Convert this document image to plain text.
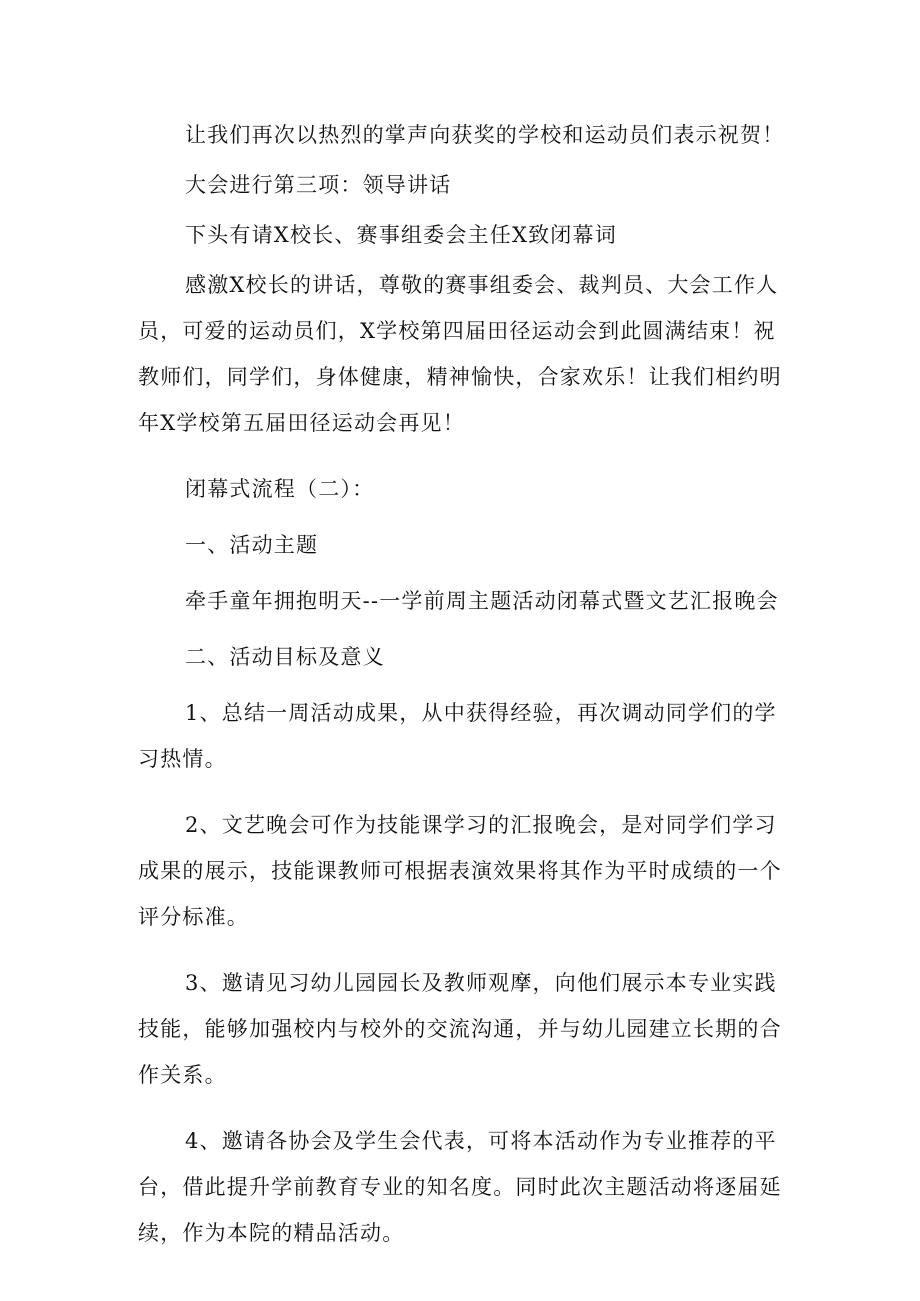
让我们再次以热烈的掌声向获奖的学校和运动员们表示祝贺！

大会进行第三项：领导讲话

下头有请X校长、赛事组委会主任X致闭幕词

感激X校长的讲话，尊敬的赛事组委会、裁判员、大会工作人员，可爱的运动员们，X学校第四届田径运动会到此圆满结束！祝教师们，同学们，身体健康，精神愉快，合家欢乐！让我们相约明年X学校第五届田径运动会再见！

闭幕式流程（二）：

一、活动主题

牵手童年拥抱明天--一学前周主题活动闭幕式暨文艺汇报晚会

二、活动目标及意义

1、总结一周活动成果，从中获得经验，再次调动同学们的学习热情。

2、文艺晚会可作为技能课学习的汇报晚会，是对同学们学习成果的展示，技能课教师可根据表演效果将其作为平时成绩的一个评分标准。

3、邀请见习幼儿园园长及教师观摩，向他们展示本专业实践技能，能够加强校内与校外的交流沟通，并与幼儿园建立长期的合作关系。

4、邀请各协会及学生会代表，可将本活动作为专业推荐的平台，借此提升学前教育专业的知名度。同时此次主题活动将逐届延续，作为本院的精品活动。
